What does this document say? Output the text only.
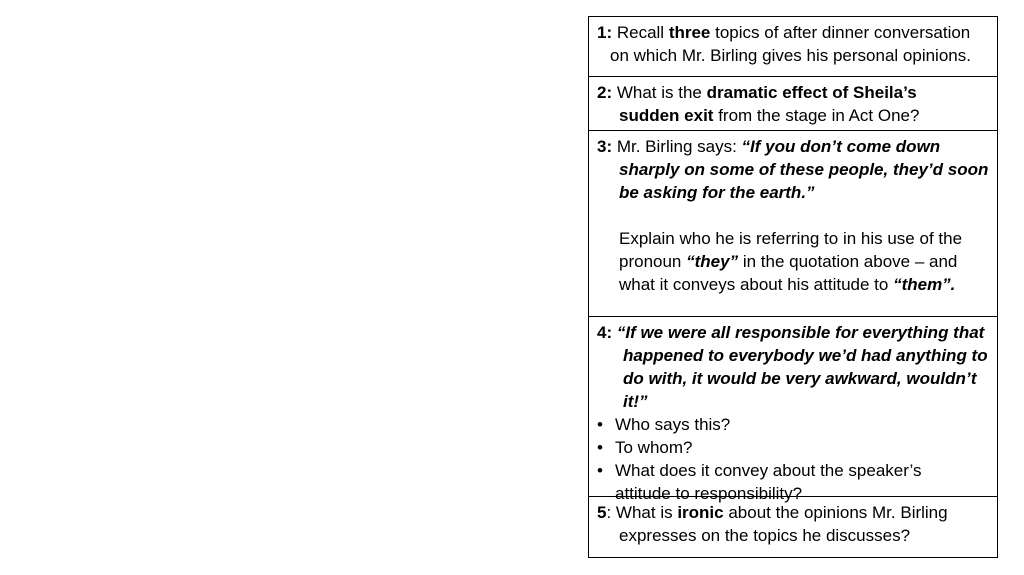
1: Recall three topics of after dinner conversation
on which Mr. Birling gives his personal opinions.
2: What is the dramatic effect of Sheila’s
sudden exit from the stage in Act One?
3: Mr. Birling says: “If you don’t come down
sharply on some of these people, they’d soon
be asking for the earth.”
Explain who he is referring to in his use of the
pronoun “they” in the quotation above – and
what it conveys about his attitude to “them”.
4: “If we were all responsible for everything that
happened to everybody we’d had anything to
do with, it would be very awkward, wouldn’t
it!”
• Who says this?
• To whom?
• What does it convey about the speaker’s
attitude to responsibility?
5: What is ironic about the opinions Mr. Birling
expresses on the topics he discusses?
